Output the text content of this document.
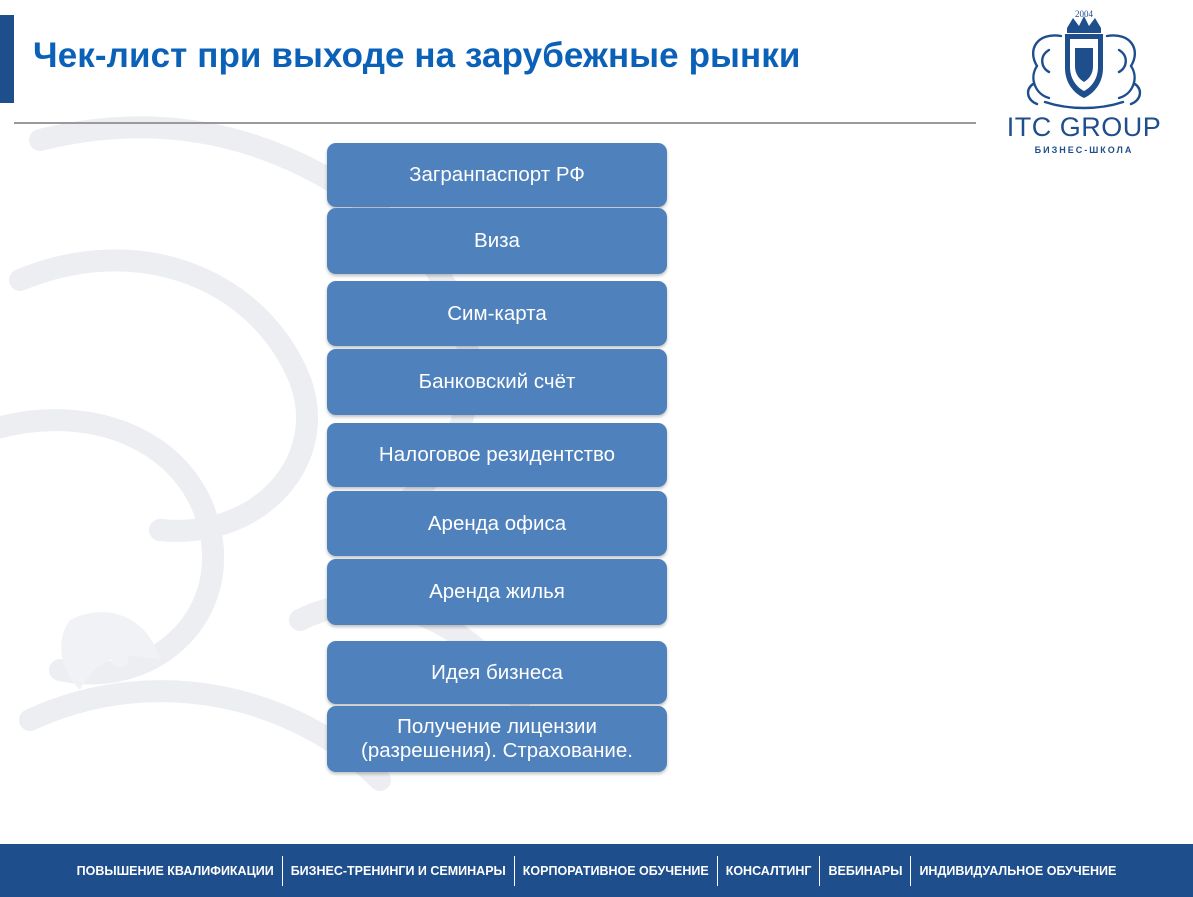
Чек-лист при выходе на зарубежные рынки
2004
ITC GROUP
БИЗНЕС-ШКОЛА
Загранпаспорт РФ
Виза
Сим-карта
Банковский счёт
Налоговое резидентство
Аренда офиса
Аренда жилья
Идея бизнеса
Получение лицензии
(разрешения). Страхование.
ПОВЫШЕНИЕ КВАЛИФИКАЦИИ	БИЗНЕС-ТРЕНИНГИ И СЕМИНАРЫ	КОРПОРАТИВНОЕ ОБУЧЕНИЕ	КОНСАЛТИНГ	ВЕБИНАРЫ	ИНДИВИДУАЛЬНОЕ ОБУЧЕНИЕ
